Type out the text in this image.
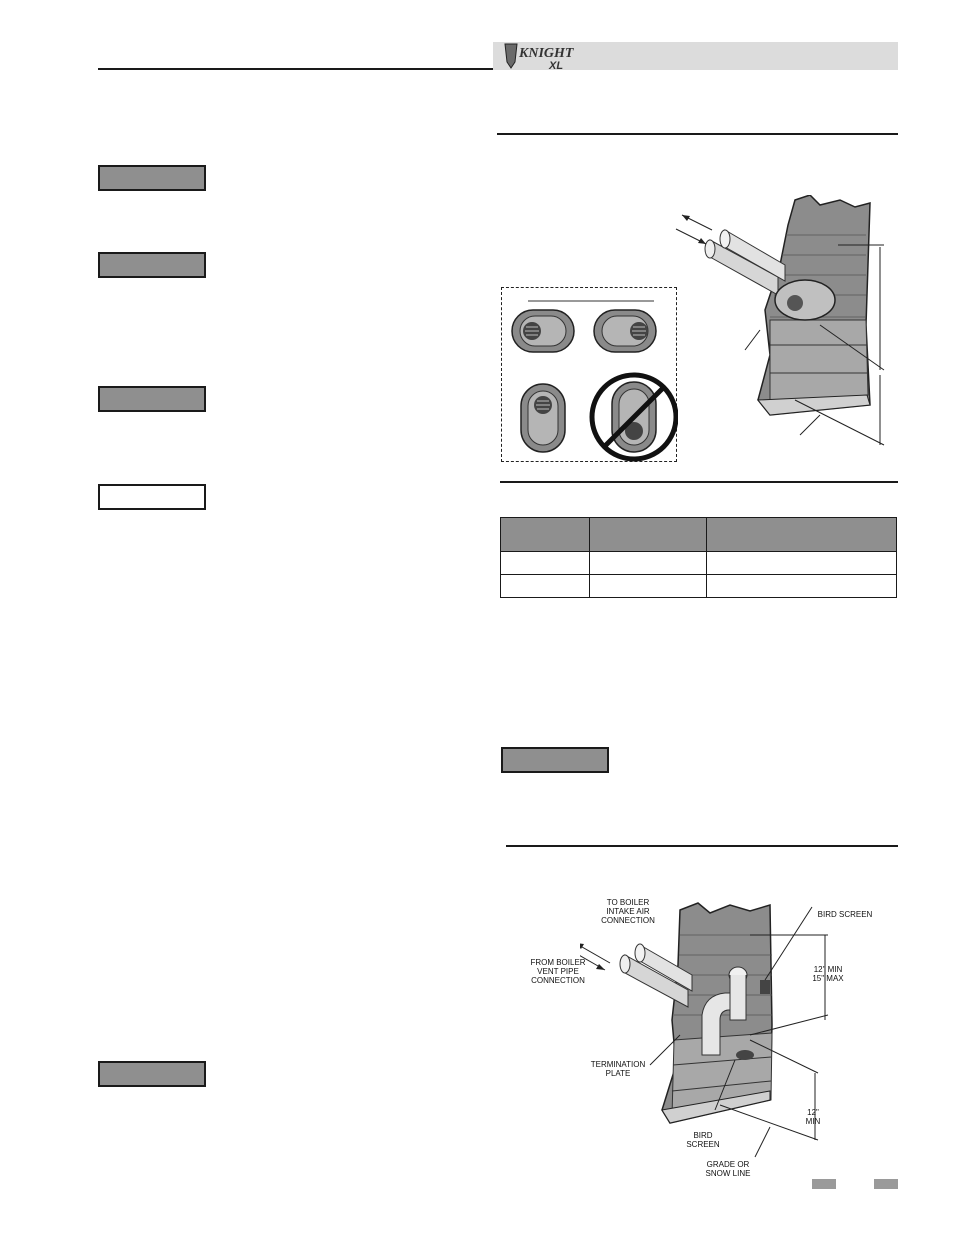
KNIGHT
XL

TO BOILER
INTAKE AIR
CONNECTION
FROM BOILER
VENT PIPE
CONNECTION
BIRD SCREEN
12" MIN
15" MAX
TERMINATION
PLATE
BIRD
SCREEN
12"
MIN
GRADE OR
SNOW LINE
